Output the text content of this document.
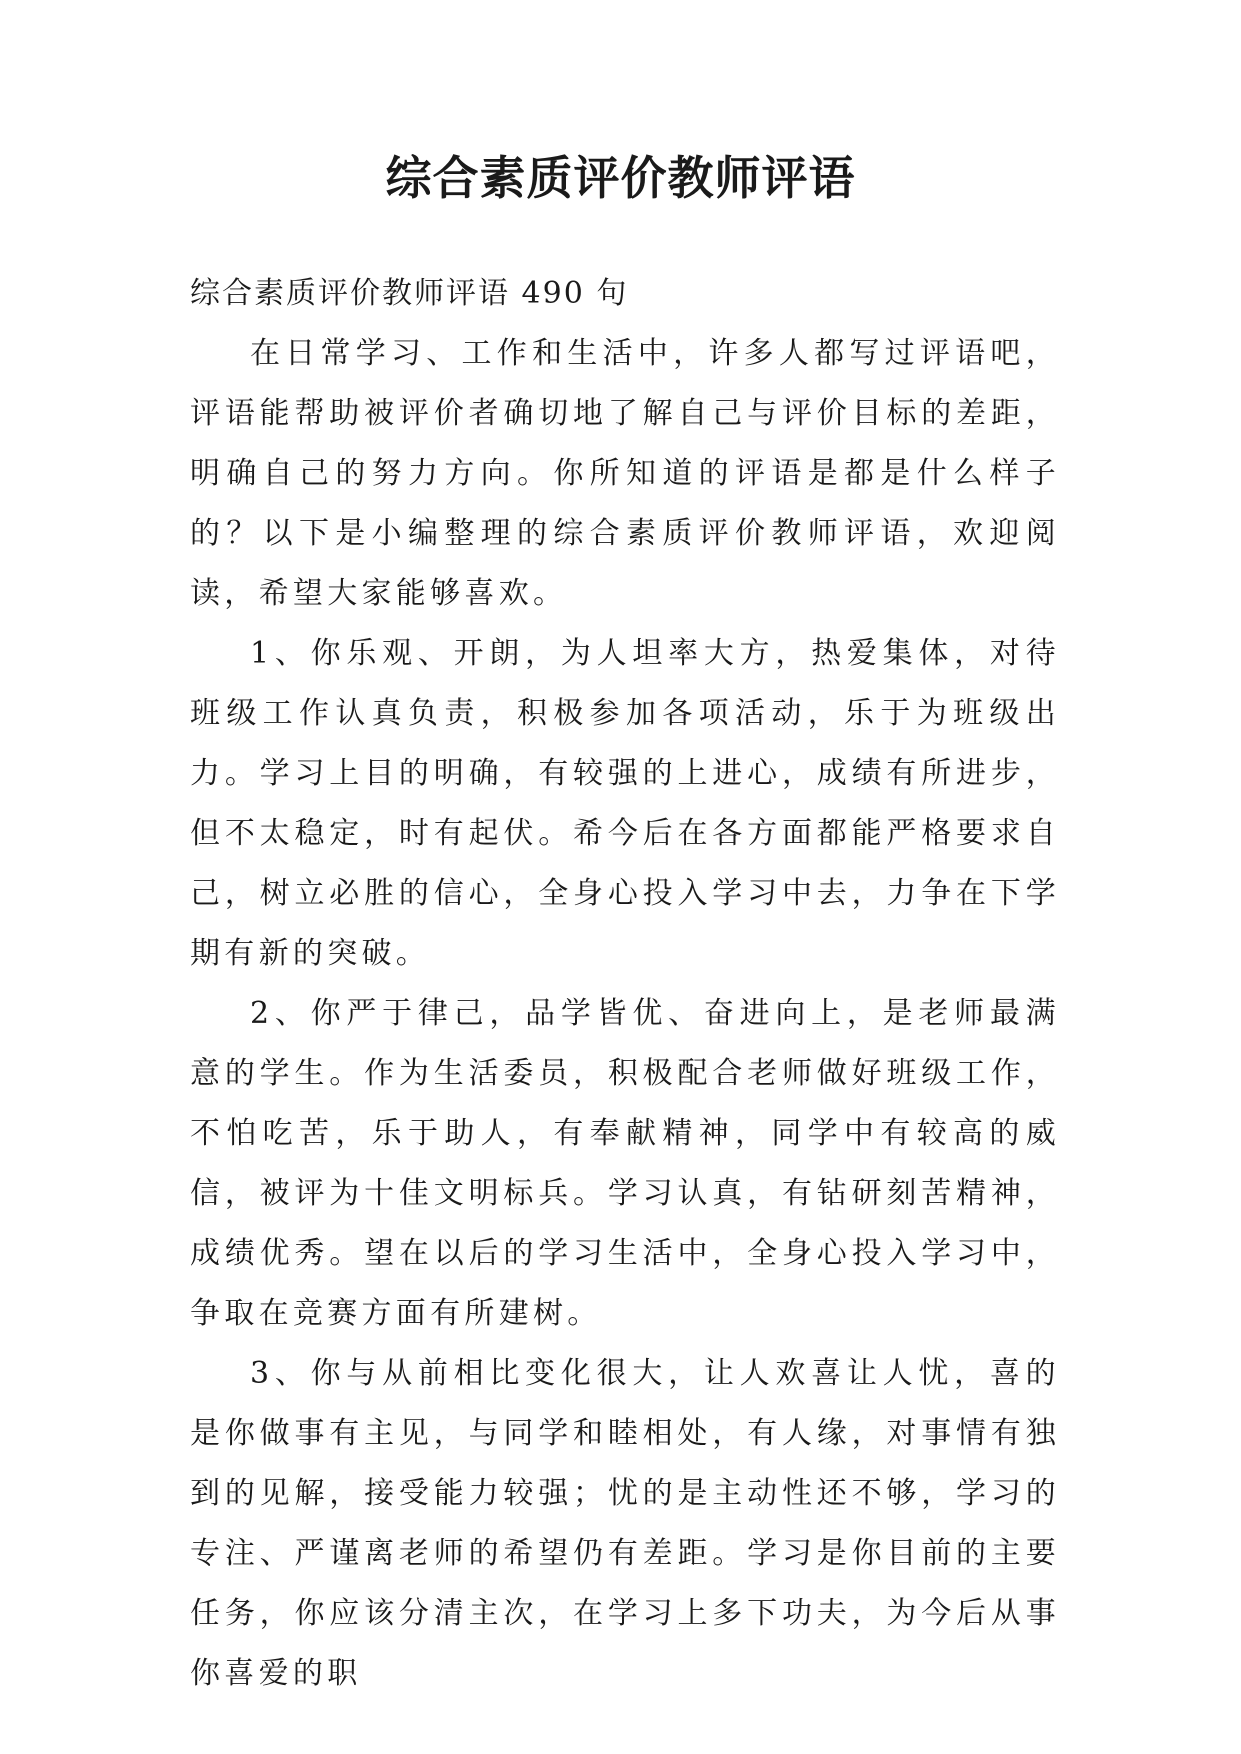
综合素质评价教师评语

综合素质评价教师评语 490 句

在日常学习、工作和生活中，许多人都写过评语吧，评语能帮助被评价者确切地了解自己与评价目标的差距，明确自己的努力方向。你所知道的评语是都是什么样子的？以下是小编整理的综合素质评价教师评语，欢迎阅读，希望大家能够喜欢。

1、你乐观、开朗，为人坦率大方，热爱集体，对待班级工作认真负责，积极参加各项活动，乐于为班级出力。学习上目的明确，有较强的上进心，成绩有所进步，但不太稳定，时有起伏。希今后在各方面都能严格要求自己，树立必胜的信心，全身心投入学习中去，力争在下学期有新的突破。

2、你严于律己，品学皆优、奋进向上，是老师最满意的学生。作为生活委员，积极配合老师做好班级工作，不怕吃苦，乐于助人，有奉献精神，同学中有较高的威信，被评为十佳文明标兵。学习认真，有钻研刻苦精神，成绩优秀。望在以后的学习生活中，全身心投入学习中，争取在竞赛方面有所建树。

3、你与从前相比变化很大，让人欢喜让人忧，喜的是你做事有主见，与同学和睦相处，有人缘，对事情有独到的见解，接受能力较强；忧的是主动性还不够，学习的专注、严谨离老师的希望仍有差距。学习是你目前的主要任务，你应该分清主次，在学习上多下功夫，为今后从事你喜爱的职
